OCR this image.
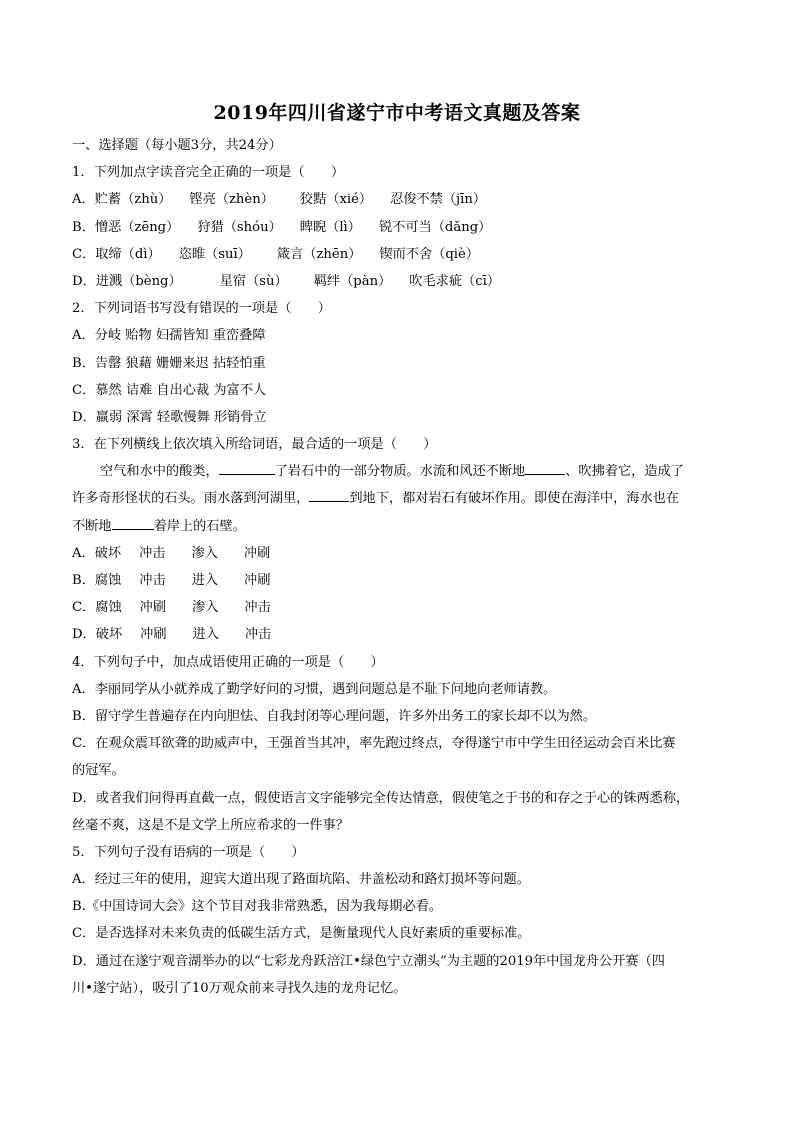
2019年四川省遂宁市中考语文真题及答案
一、选择题（每小题3分，共24分）
1．下列加点字读音完全正确的一项是（　　）
A．贮蓄（zhù） 铿亮（zhèn） 狡黠（xié） 忍俊不禁（jīn）
B．憎恶（zēng） 狩猎（shóu） 睥睨（lì） 锐不可当（dǎng）
C．取缔（dì） 恣睢（suī） 箴言（zhēn） 锲而不舍（qiè）
D．迸溅（bèng）	星宿（sù） 羁绊（pàn） 吹毛求疵（cī）
2．下列词语书写没有错误的一项是（　　）
A．分岐 贻物 妇孺皆知 重峦叠障
B．告罄 狼藉 姗姗来迟 拈轻怕重
C．慕然 诘难 自出心裁 为富不人
D．羸弱 深霄 轻歌慢舞 形销骨立
3．在下列横线上依次填入所给词语，最合适的一项是（　　）
空气和水中的酸类，	了岩石中的一部分物质。水流和风还不断地	、吹拂着它，造成了
许多奇形怪状的石头。雨水落到河湖里，	到地下，都对岩石有破坏作用。即使在海洋中，海水也在
不断地	着岸上的石壁。
A．破坏 冲击 渗入 冲刷
B．腐蚀 冲击 进入 冲刷
C．腐蚀 冲刷 渗入 冲击
D．破坏 冲刷 进入 冲击
4．下列句子中，加点成语使用正确的一项是（　　）
A．李丽同学从小就养成了勤学好问的习惯，遇到问题总是不耻下问地向老师请教。
B．留守学生普遍存在内向胆怯、自我封闭等心理问题，许多外出务工的家长却不以为然。
C．在观众震耳欲聋的助威声中，王强首当其冲，率先跑过终点，夺得遂宁市中学生田径运动会百米比赛
的冠军。
D．或者我们问得再直截一点，假使语言文字能够完全传达情意，假使笔之于书的和存之于心的铢两悉称，
丝毫不爽，这是不是文学上所应希求的一件事？
5．下列句子没有语病的一项是（　　）
A．经过三年的使用，迎宾大道出现了路面坑陷、井盖松动和路灯损坏等问题。
B.《中国诗词大会》这个节目对我非常熟悉，因为我每期必看。
C．是否选择对未来负责的低碳生活方式，是衡量现代人良好素质的重要标准。
D．通过在遂宁观音湖举办的以“七彩龙舟跃涪江•绿色宁立潮头”为主题的2019年中国龙舟公开赛（四
川•遂宁站），吸引了10万观众前来寻找久违的龙舟记忆。
